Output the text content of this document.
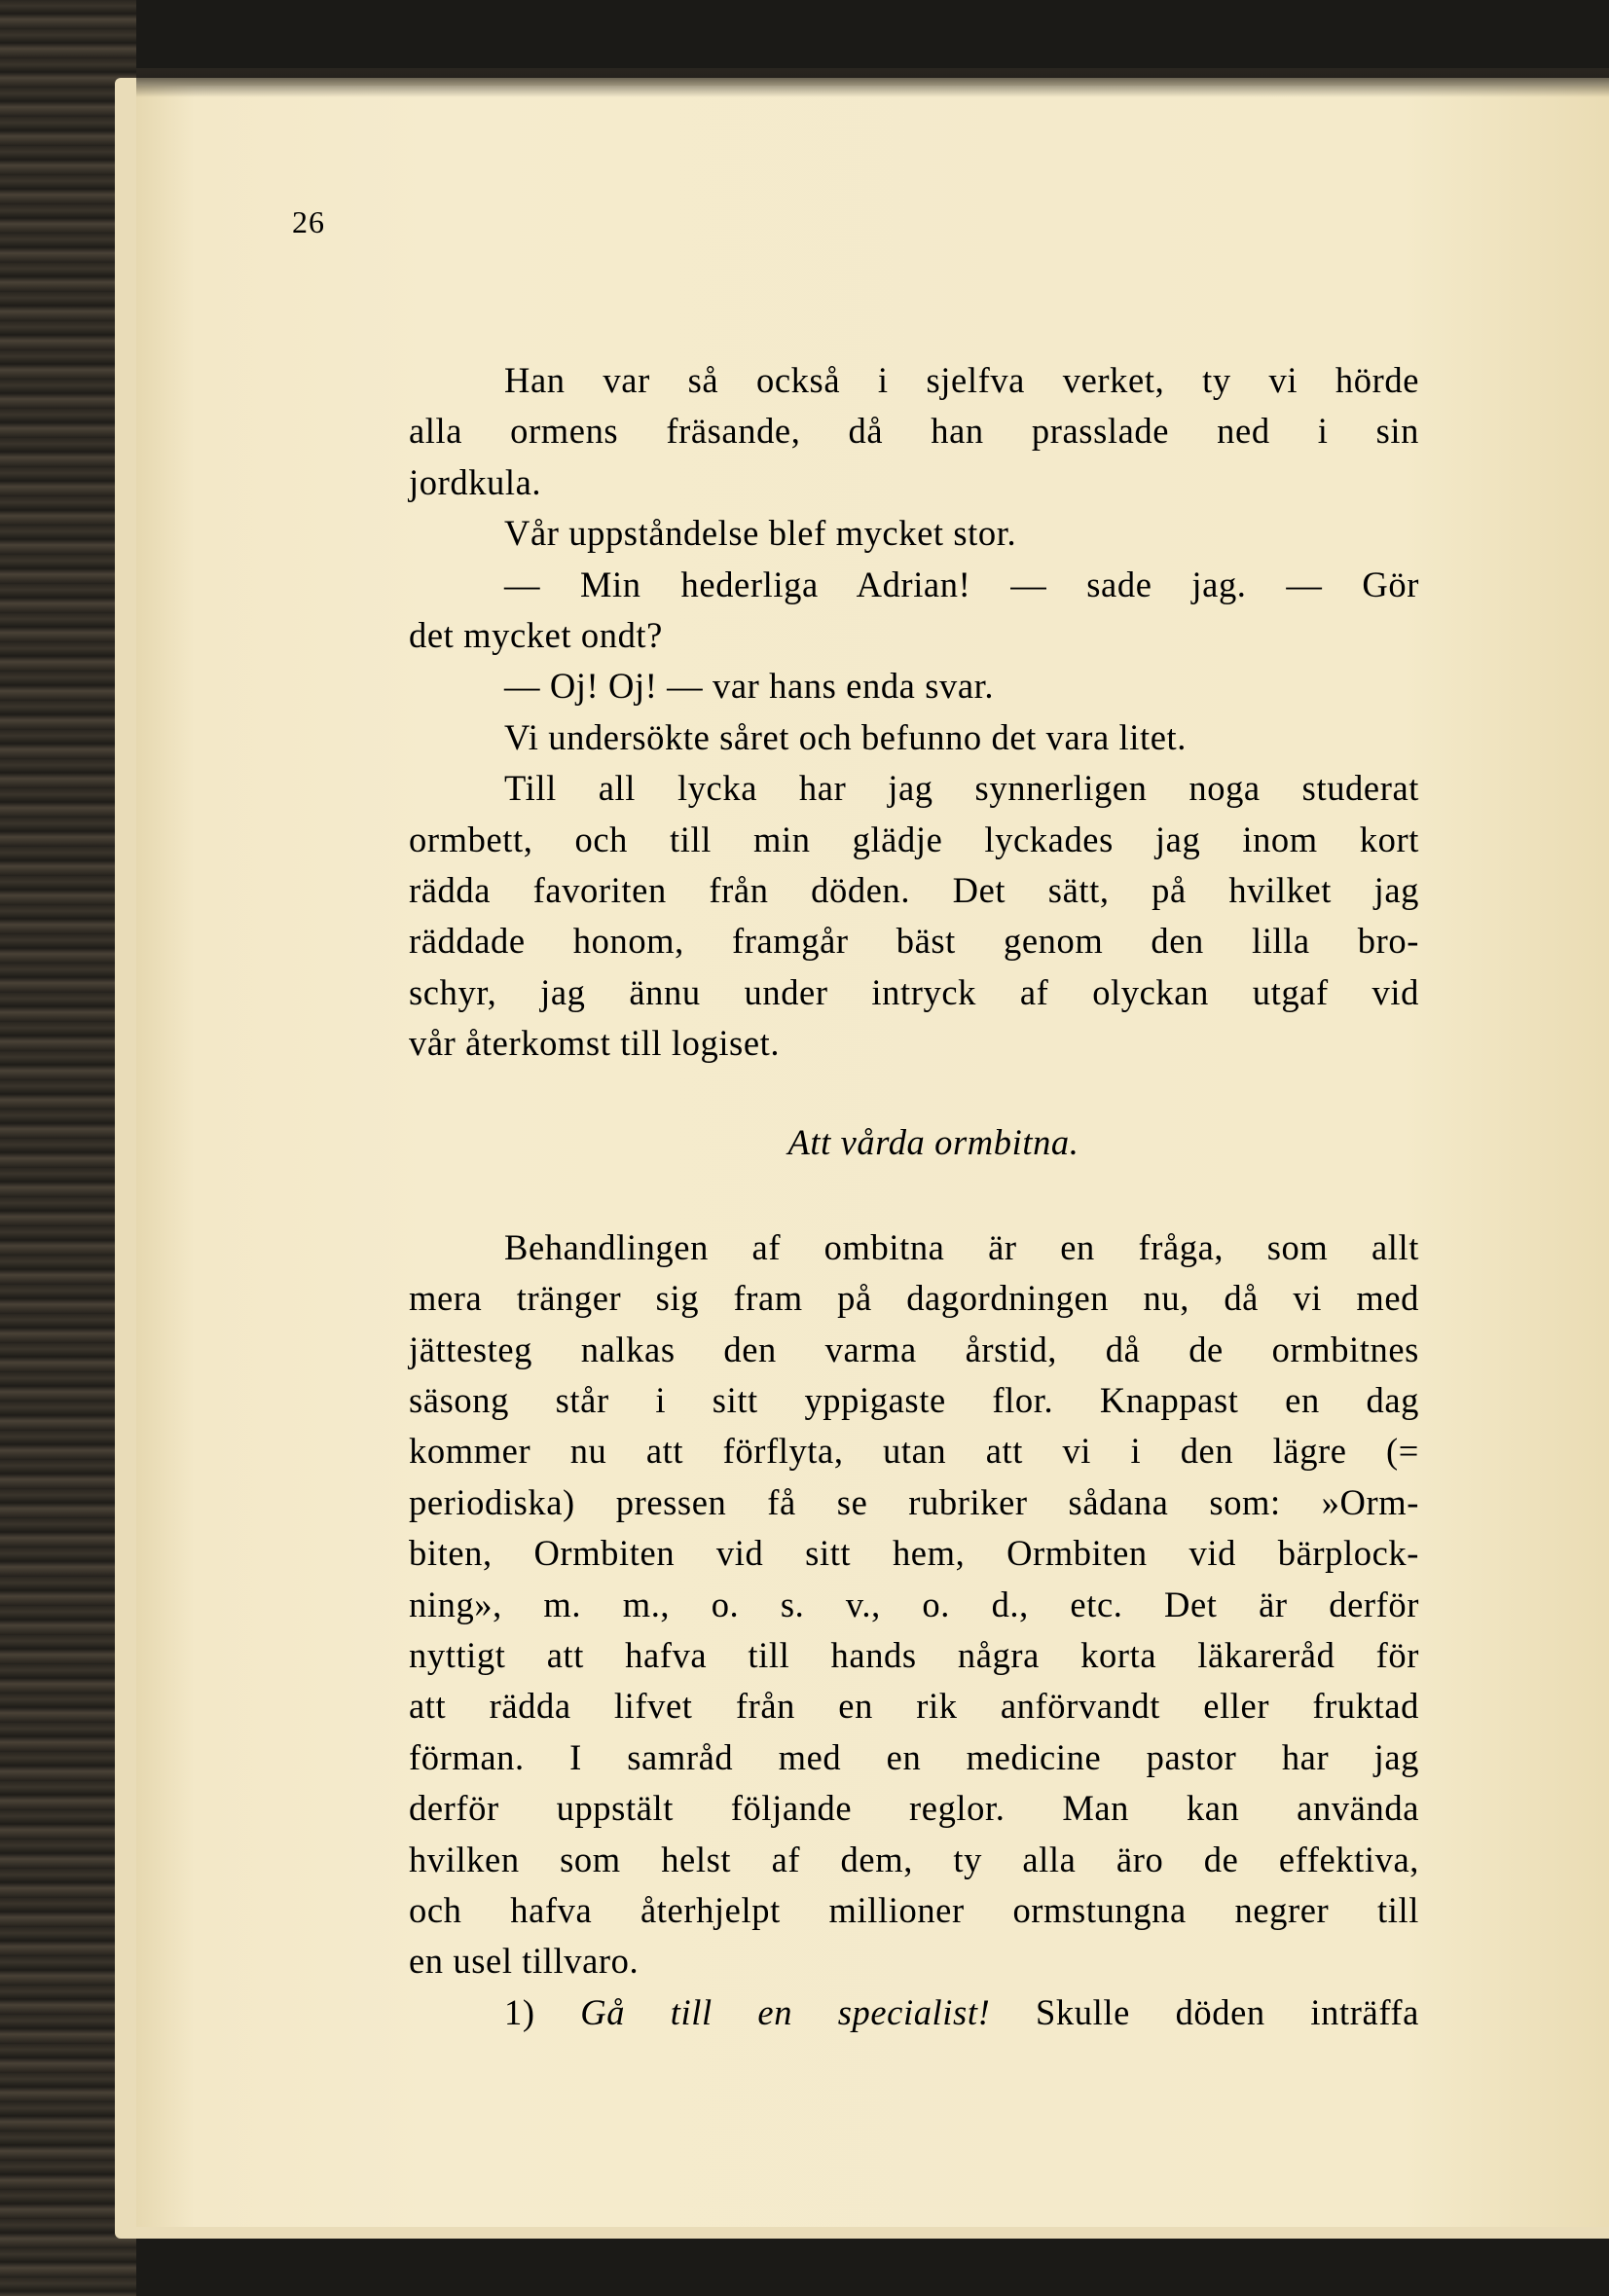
26
Han var så också i sjelfva verket, ty vi hörde
alla ormens fräsande, då han prasslade ned i sin
jordkula.
Vår uppståndelse blef mycket stor.
— Min hederliga Adrian! — sade jag. — Gör
det mycket ondt?
— Oj! Oj! — var hans enda svar.
Vi undersökte såret och befunno det vara litet.
Till all lycka har jag synnerligen noga studerat
ormbett, och till min glädje lyckades jag inom kort
rädda favoriten från döden. Det sätt, på hvilket jag
räddade honom, framgår bäst genom den lilla bro-
schyr, jag ännu under intryck af olyckan utgaf vid
vår återkomst till logiset.
Att vårda ormbitna.
Behandlingen af ombitna är en fråga, som allt
mera tränger sig fram på dagordningen nu, då vi med
jättesteg nalkas den varma årstid, då de ormbitnes
säsong står i sitt yppigaste flor. Knappast en dag
kommer nu att förflyta, utan att vi i den lägre (=
periodiska) pressen få se rubriker sådana som: »Orm-
biten, Ormbiten vid sitt hem, Ormbiten vid bärplock-
ning», m. m., o. s. v., o. d., etc. Det är derför
nyttigt att hafva till hands några korta läkareråd för
att rädda lifvet från en rik anförvandt eller fruktad
förman. I samråd med en medicine pastor har jag
derför uppstält följande reglor. Man kan använda
hvilken som helst af dem, ty alla äro de effektiva,
och hafva återhjelpt millioner ormstungna negrer till
en usel tillvaro.
1) Gå till en specialist! Skulle döden inträffa
